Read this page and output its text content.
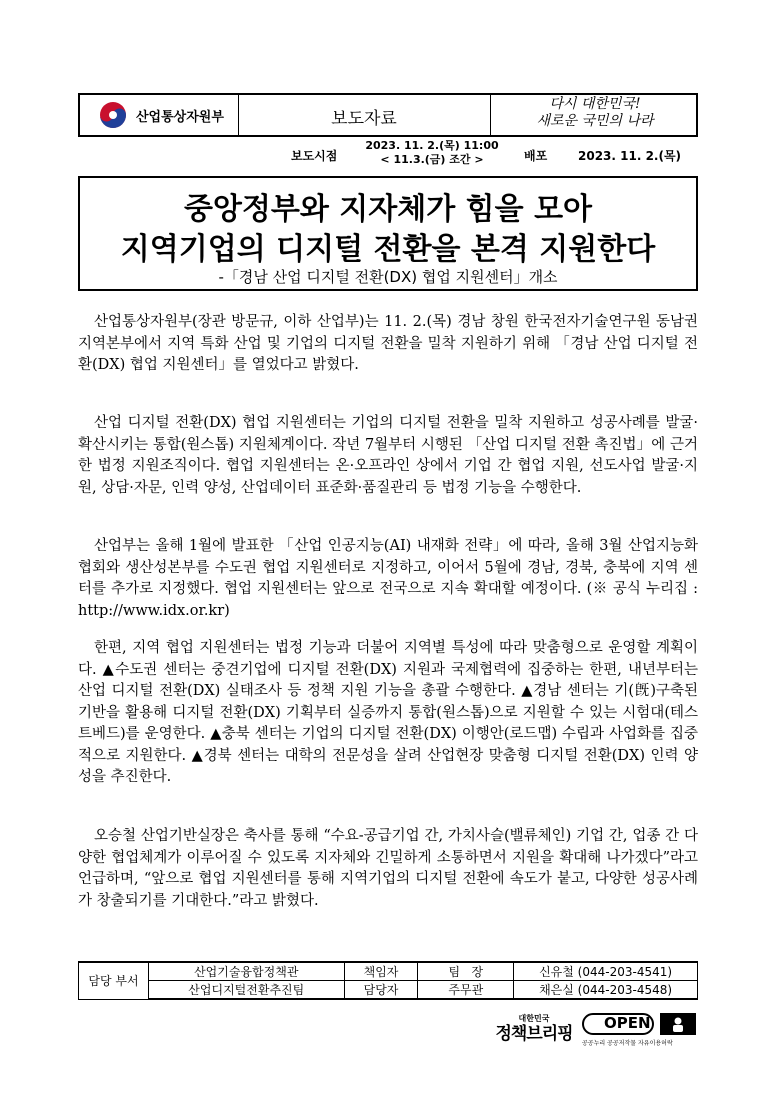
산업통상자원부	보도자료
다시 대한민국!
새로운 국민의 나라
보도시점
2023. 11. 2.(목) 11:00
< 11.3.(금) 조간 >	배포	2023. 11. 2.(목)
중앙정부와 지자체가 힘을 모아
지역기업의 디지털 전환을 본격 지원한다
-「경남 산업 디지털 전환(DX) 협업 지원센터」개소
산업통상자원부(장관 방문규, 이하 산업부)는 11. 2.(목) 경남 창원 한국전자기술연구원 동남권 지역본부에서 지역 특화 산업 및 기업의 디지털 전환을 밀착 지원하기 위해 「경남 산업 디지털 전환(DX) 협업 지원센터」를 열었다고 밝혔다.
산업 디지털 전환(DX) 협업 지원센터는 기업의 디지털 전환을 밀착 지원하고 성공사례를 발굴·확산시키는 통합(원스톱) 지원체계이다. 작년 7월부터 시행된 「산업 디지털 전환 촉진법」에 근거한 법정 지원조직이다. 협업 지원센터는 온·오프라인 상에서 기업 간 협업 지원, 선도사업 발굴·지원, 상담·자문, 인력 양성, 산업데이터 표준화·품질관리 등 법정 기능을 수행한다.
산업부는 올해 1월에 발표한 「산업 인공지능(AI) 내재화 전략」에 따라, 올해 3월 산업지능화협회와 생산성본부를 수도권 협업 지원센터로 지정하고, 이어서 5월에 경남, 경북, 충북에 지역 센터를 추가로 지정했다. 협업 지원센터는 앞으로 전국으로 지속 확대할 예정이다. (※ 공식 누리집 : http://www.idx.or.kr)
한편, 지역 협업 지원센터는 법정 기능과 더불어 지역별 특성에 따라 맞춤형으로 운영할 계획이다. ▲수도권 센터는 중견기업에 디지털 전환(DX) 지원과 국제협력에 집중하는 한편, 내년부터는 산업 디지털 전환(DX) 실태조사 등 정책 지원 기능을 총괄 수행한다. ▲경남 센터는 기(旣)구축된 기반을 활용해 디지털 전환(DX) 기획부터 실증까지 통합(원스톱)으로 지원할 수 있는 시험대(테스트베드)를 운영한다. ▲충북 센터는 기업의 디지털 전환(DX) 이행안(로드맵) 수립과 사업화를 집중적으로 지원한다. ▲경북 센터는 대학의 전문성을 살려 산업현장 맞춤형 디지털 전환(DX) 인력 양성을 추진한다.
오승철 산업기반실장은 축사를 통해 “수요-공급기업 간, 가치사슬(밸류체인) 기업 간, 업종 간 다양한 협업체계가 이루어질 수 있도록 지자체와 긴밀하게 소통하면서 지원을 확대해 나가겠다”라고 언급하며, “앞으로 협업 지원센터를 통해 지역기업의 디지털 전환에 속도가 붙고, 다양한 성공사례가 창출되기를 기대한다.”라고 밝혔다.
담당 부서	산업기술융합정책관	책임자	팀   장	신유철 (044-203-4541)
	산업디지털전환추진팀	담당자	주무관	채은실 (044-203-4548)
대한민국
정책브리핑
OPEN
공공누리 공공저작물 자유이용허락
